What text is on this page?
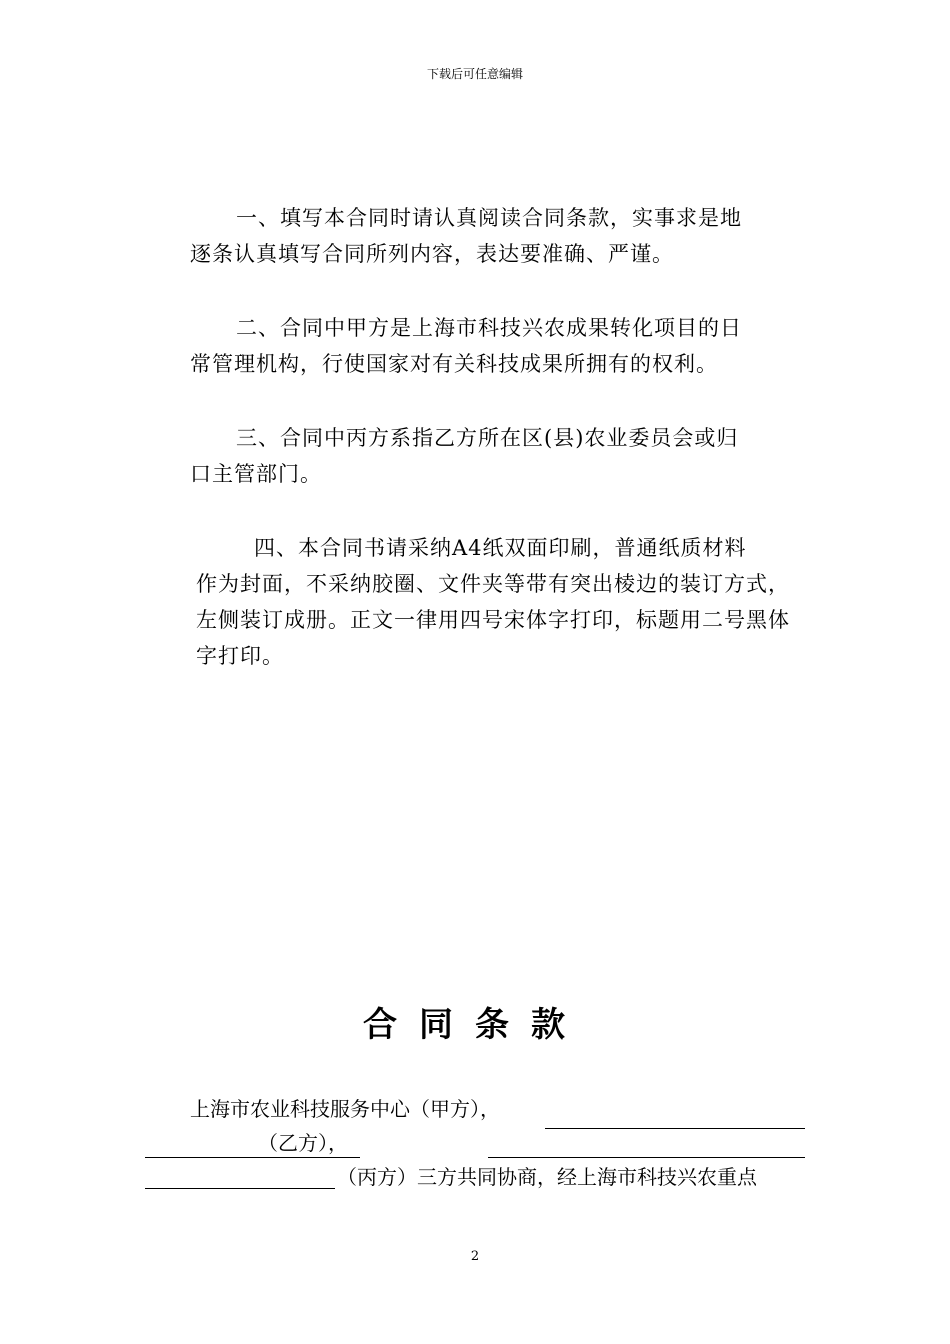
下载后可任意编辑
一、填写本合同时请认真阅读合同条款，实事求是地
逐条认真填写合同所列内容，表达要准确、严谨。
二、合同中甲方是上海市科技兴农成果转化项目的日
常管理机构，行使国家对有关科技成果所拥有的权利。
三、合同中丙方系指乙方所在区(县)农业委员会或归
口主管部门。
四、本合同书请采纳A4纸双面印刷，普通纸质材料
作为封面，不采纳胶圈、文件夹等带有突出棱边的装订方式，左侧装订成册。正文一律用四号宋体字打印，标题用二号黑体字打印。
合同条款
上海市农业科技服务中心（甲方），
（乙方），
（丙方）三方共同协商，经上海市科技兴农重点
2
